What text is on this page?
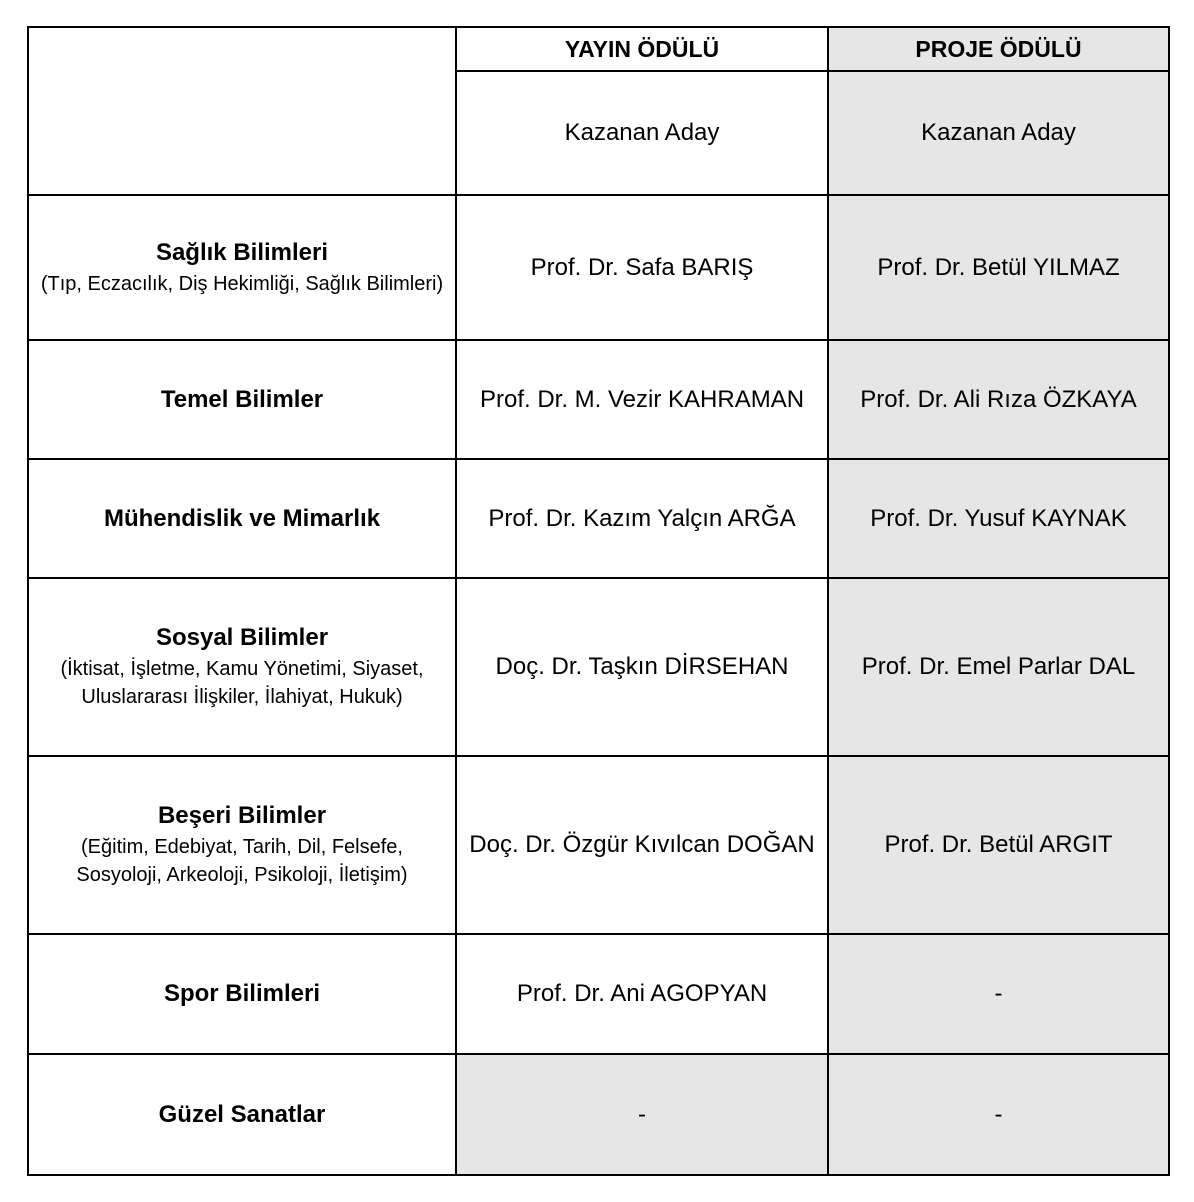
	YAYIN ÖDÜLÜ	PROJE ÖDÜLÜ
	Kazanan Aday	Kazanan Aday

Sağlık Bilimleri
(Tıp, Eczacılık, Diş Hekimliği, Sağlık Bilimleri)	Prof. Dr. Safa BARIŞ	Prof. Dr. Betül YILMAZ

Temel Bilimler	Prof. Dr. M. Vezir KAHRAMAN	Prof. Dr. Ali Rıza ÖZKAYA

Mühendislik ve Mimarlık	Prof. Dr. Kazım Yalçın ARĞA	Prof. Dr. Yusuf KAYNAK

Sosyal Bilimler
(İktisat, İşletme, Kamu Yönetimi, Siyaset, Uluslararası İlişkiler, İlahiyat, Hukuk)	Doç. Dr. Taşkın DİRSEHAN	Prof. Dr. Emel Parlar DAL

Beşeri Bilimler
(Eğitim, Edebiyat, Tarih, Dil, Felsefe, Sosyoloji, Arkeoloji, Psikoloji, İletişim)	Doç. Dr. Özgür Kıvılcan DOĞAN	Prof. Dr. Betül ARGIT

Spor Bilimleri	Prof. Dr. Ani AGOPYAN	-

Güzel Sanatlar	-	-
